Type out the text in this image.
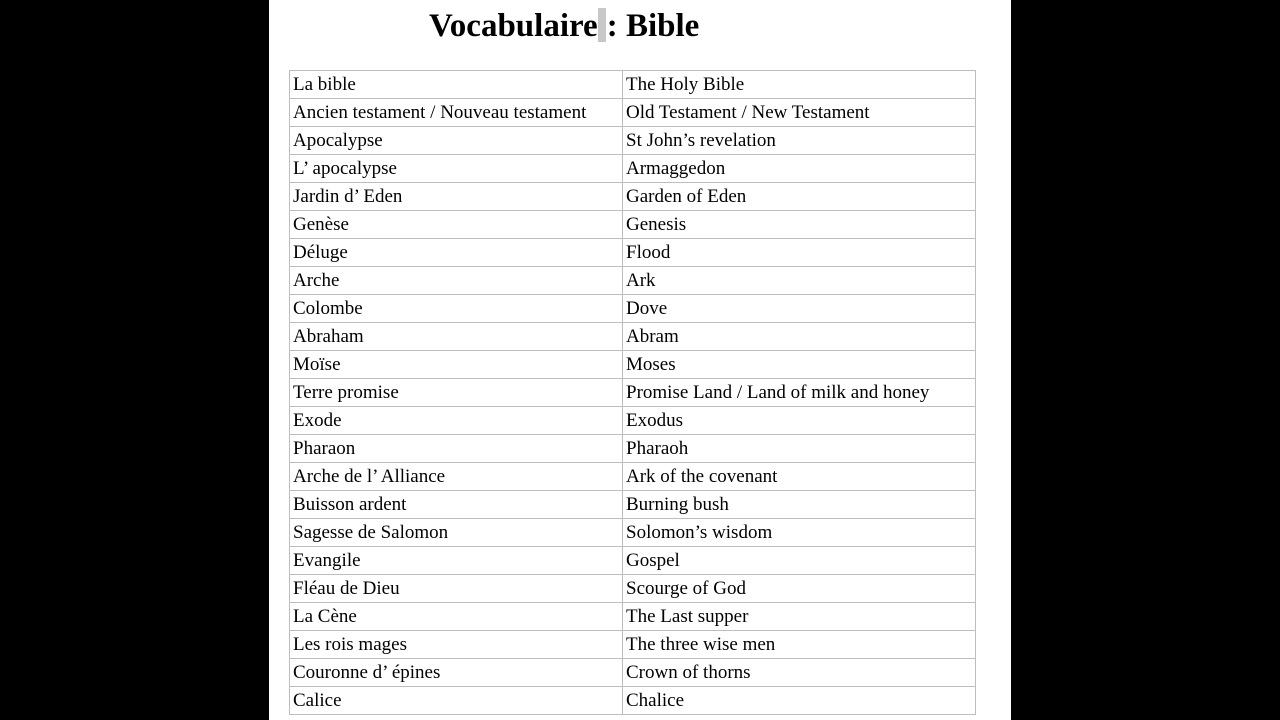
Vocabulaire : Bible
La bible	The Holy Bible
Ancien testament / Nouveau testament	Old Testament / New Testament
Apocalypse	St John’s revelation
L’ apocalypse	Armaggedon
Jardin d’ Eden	Garden of Eden
Genèse	Genesis
Déluge	Flood
Arche	Ark
Colombe	Dove
Abraham	Abram
Moïse	Moses
Terre promise	Promise Land / Land of milk and honey
Exode	Exodus
Pharaon	Pharaoh
Arche de l’ Alliance	Ark of the covenant
Buisson ardent	Burning bush
Sagesse de Salomon	Solomon’s wisdom
Evangile	Gospel
Fléau de Dieu	Scourge of God
La Cène	The Last supper
Les rois mages	The three wise men
Couronne d’ épines	Crown of thorns
Calice	Chalice
